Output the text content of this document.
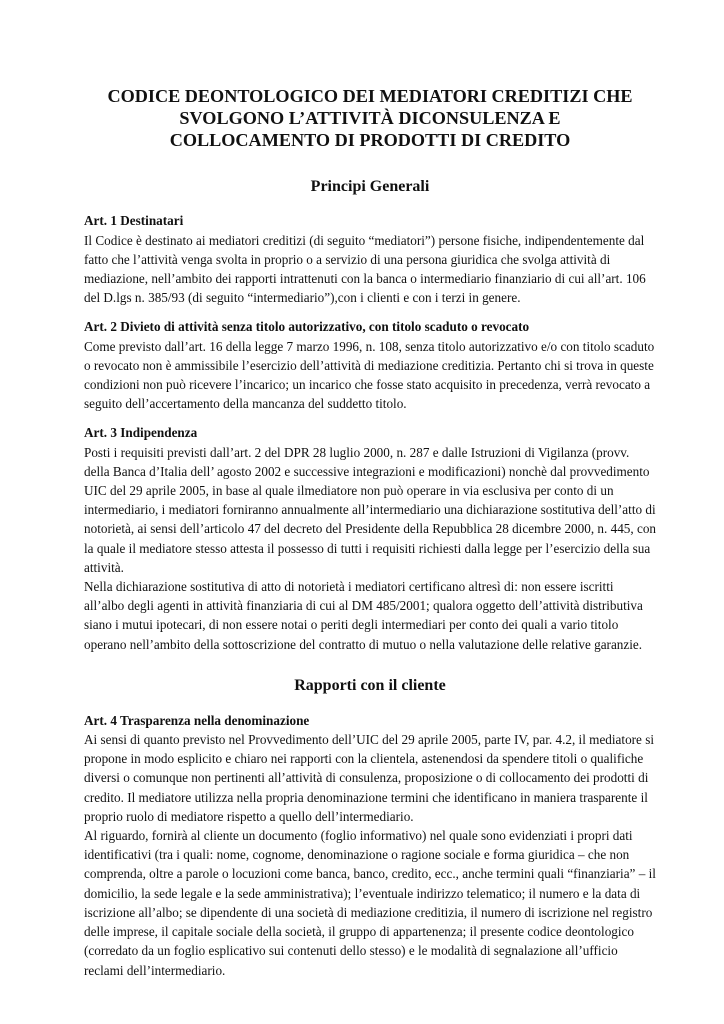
CODICE DEONTOLOGICO DEI MEDIATORI CREDITIZI CHE
SVOLGONO L’ATTIVITÀ DICONSULENZA E
COLLOCAMENTO DI PRODOTTI DI CREDITO
Principi Generali
Art. 1 Destinatari

Il Codice è destinato ai mediatori creditizi (di seguito “mediatori”) persone fisiche, indipendentemente dal fatto che l’attività venga svolta in proprio o a servizio di una persona giuridica che svolga attività di mediazione, nell’ambito dei rapporti intrattenuti con la banca o intermediario finanziario di cui all’art. 106 del D.lgs n. 385/93 (di seguito “intermediario”),con i clienti e con i terzi in genere.

Art. 2 Divieto di attività senza titolo autorizzativo, con titolo scaduto o revocato

Come previsto dall’art. 16 della legge 7 marzo 1996, n. 108, senza titolo autorizzativo e/o con titolo scaduto o revocato non è ammissibile l’esercizio dell’attività di mediazione creditizia. Pertanto chi si trova in queste condizioni non può ricevere l’incarico; un incarico che fosse stato acquisito in precedenza, verrà revocato a seguito dell’accertamento della mancanza del suddetto titolo.

Art. 3 Indipendenza

Posti i requisiti previsti dall’art. 2 del DPR 28 luglio 2000, n. 287 e dalle Istruzioni di Vigilanza (provv. della Banca d’Italia dell’ agosto 2002 e successive integrazioni e modificazioni) nonchè dal provvedimento UIC del 29 aprile 2005, in base al quale ilmediatore non può operare in via esclusiva per conto di un intermediario, i mediatori forniranno annualmente all’intermediario una dichiarazione sostitutiva dell’atto di notorietà, ai sensi dell’articolo 47 del decreto del Presidente della Repubblica 28 dicembre 2000, n. 445, con la quale il mediatore stesso attesta il possesso di tutti i requisiti richiesti dalla legge per l’esercizio della sua attività.

Nella dichiarazione sostitutiva di atto di notorietà i mediatori certificano altresì di: non essere iscritti all’albo degli agenti in attività finanziaria di cui al DM 485/2001; qualora oggetto dell’attività distributiva siano i mutui ipotecari, di non essere notai o periti degli intermediari per conto dei quali a vario titolo operano nell’ambito della sottoscrizione del contratto di mutuo o nella valutazione delle relative garanzie.

Rapporti con il cliente
Art. 4 Trasparenza nella denominazione

Ai sensi di quanto previsto nel Provvedimento dell’UIC del 29 aprile 2005, parte IV, par. 4.2, il mediatore si propone in modo esplicito e chiaro nei rapporti con la clientela, astenendosi da spendere titoli o qualifiche diversi o comunque non pertinenti all’attività di consulenza, proposizione o di collocamento dei prodotti di credito. Il mediatore utilizza nella propria denominazione termini che identificano in maniera trasparente il proprio ruolo di mediatore rispetto a quello dell’intermediario.

Al riguardo, fornirà al cliente un documento (foglio informativo) nel quale sono evidenziati i propri dati identificativi (tra i quali: nome, cognome, denominazione o ragione sociale e forma giuridica – che non comprenda, oltre a parole o locuzioni come banca, banco, credito, ecc., anche termini quali “finanziaria” – il domicilio, la sede legale e la sede amministrativa); l’eventuale indirizzo telematico; il numero e la data di iscrizione all’albo; se dipendente di una società di mediazione creditizia, il numero di iscrizione nel registro delle imprese, il capitale sociale della società, il gruppo di appartenenza; il presente codice deontologico (corredato da un foglio esplicativo sui contenuti dello stesso) e le modalità di segnalazione all’ufficio reclami dell’intermediario.
